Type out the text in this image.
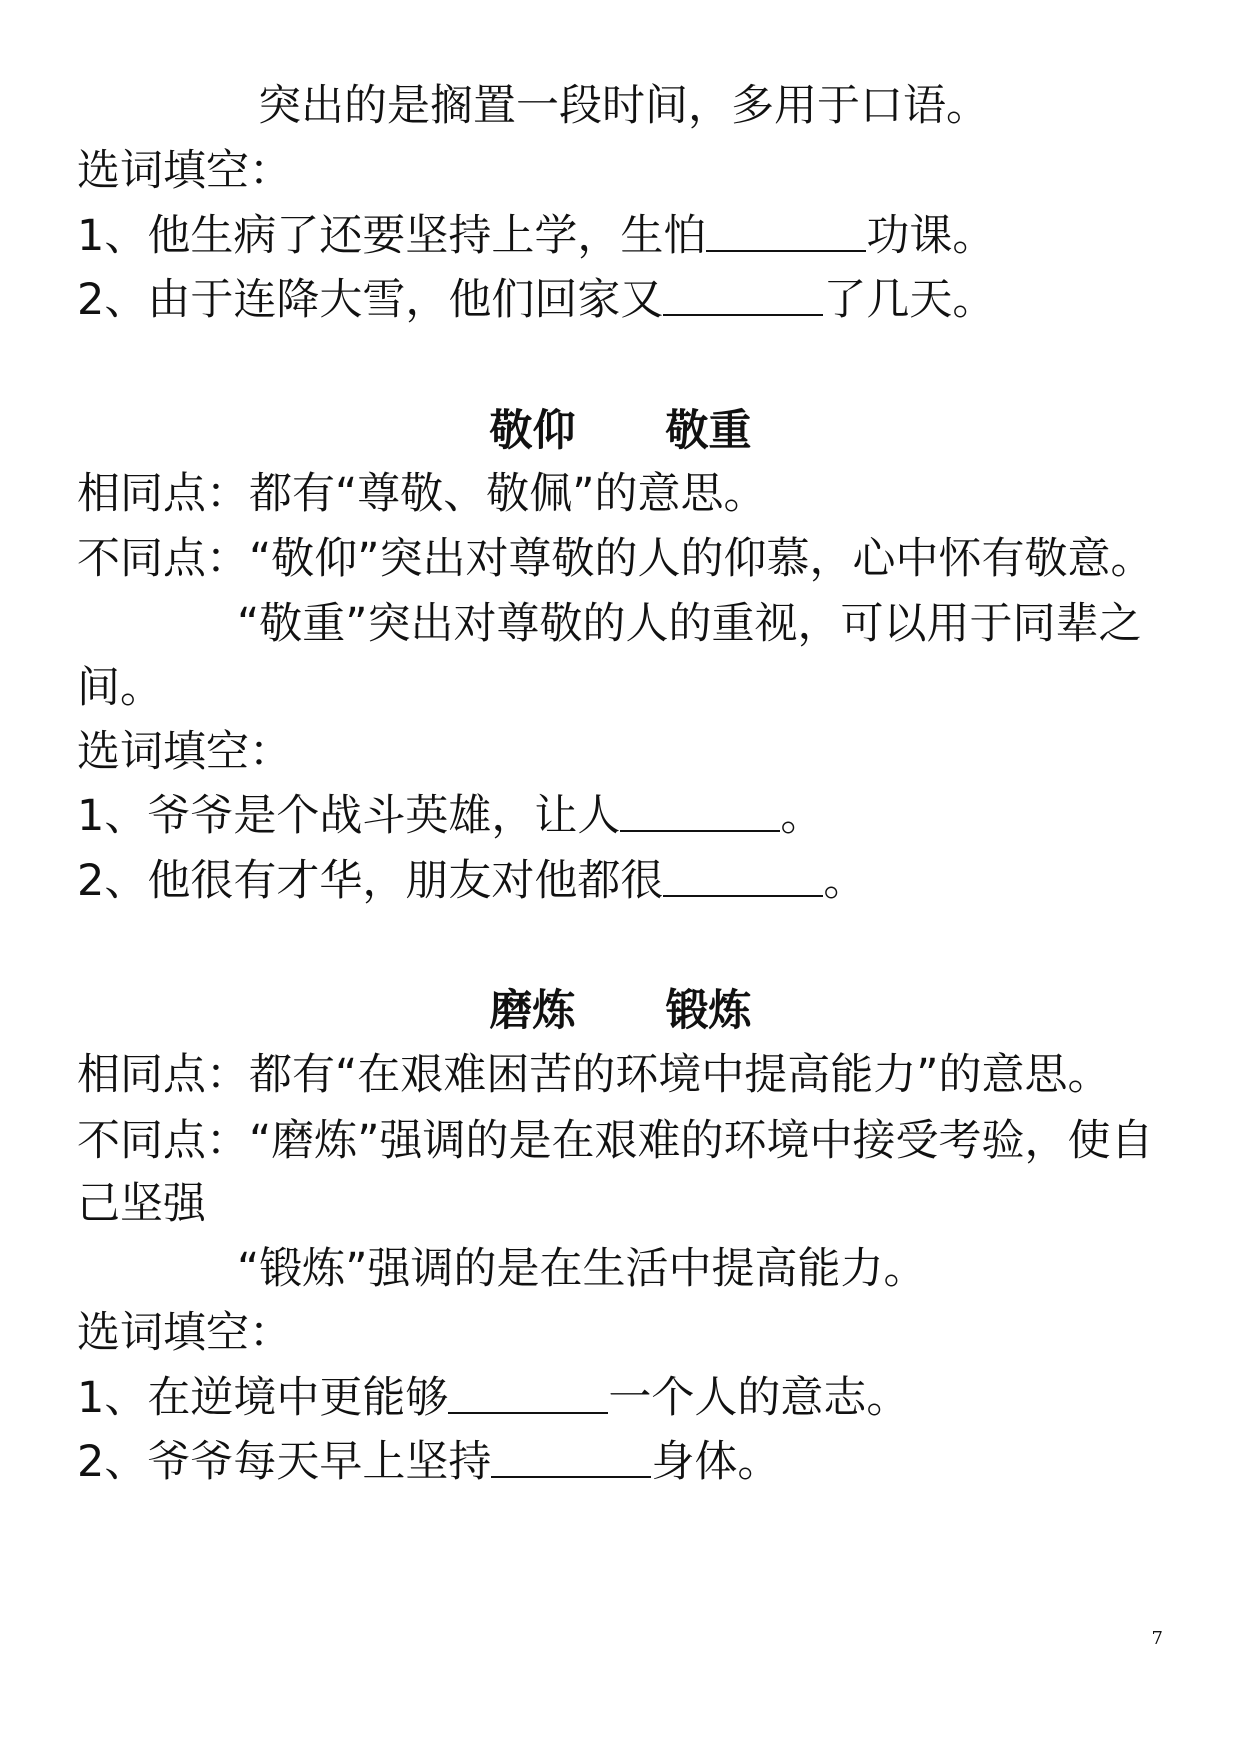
突出的是搁置一段时间，多用于口语。
选词填空：
1、他生病了还要坚持上学，生怕	功课。
2、由于连降大雪，他们回家又	了几天。
敬仰 敬重
相同点：都有“尊敬、敬佩”的意思。
不同点：“敬仰”突出对尊敬的人的仰慕，心中怀有敬意。
“敬重”突出对尊敬的人的重视，可以用于同辈之
间。
选词填空：
1、爷爷是个战斗英雄，让人	。
2、他很有才华，朋友对他都很	。
磨炼 锻炼
相同点：都有“在艰难困苦的环境中提高能力”的意思。
不同点：“磨炼”强调的是在艰难的环境中接受考验，使自
己坚强
“锻炼”强调的是在生活中提高能力。
选词填空：
1、在逆境中更能够	一个人的意志。
2、爷爷每天早上坚持	身体。
7
